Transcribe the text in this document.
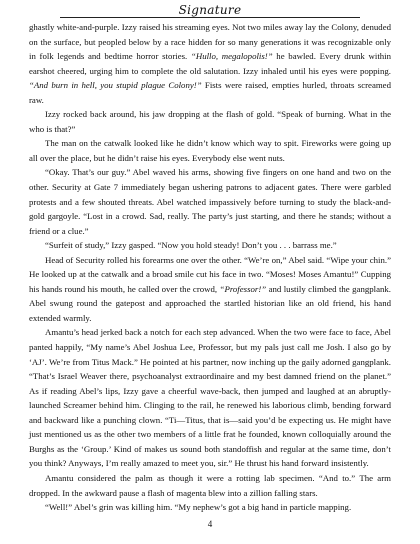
Signature

ghastly white-and-purple. Izzy raised his streaming eyes. Not two miles away lay the Colony, denuded on the surface, but peopled below by a race hidden for so many generations it was recognizable only in folk legends and bedtime horror stories. “Hullo, megalopolis!” he bawled. Every drunk within earshot cheered, urging him to complete the old salutation. Izzy inhaled until his eyes were popping. “And burn in hell, you stupid plague Colony!” Fists were raised, empties hurled, throats screamed raw.

Izzy rocked back around, his jaw dropping at the flash of gold. “Speak of burning. What in the who is that?”

The man on the catwalk looked like he didn’t know which way to spit. Fireworks were going up all over the place, but he didn’t raise his eyes. Everybody else went nuts.

“Okay. That’s our guy.” Abel waved his arms, showing five fingers on one hand and two on the other. Security at Gate 7 immediately began ushering patrons to adjacent gates. There were garbled protests and a few shouted threats. Abel watched impassively before turning to study the black-and-gold gargoyle. “Lost in a crowd. Sad, really. The party’s just starting, and there he stands; without a friend or a clue.”

“Surfeit of study,” Izzy gasped. “Now you hold steady! Don’t you . . . barrass me.”

Head of Security rolled his forearms one over the other. “We’re on,” Abel said. “Wipe your chin.” He looked up at the catwalk and a broad smile cut his face in two. “Moses! Moses Amantu!” Cupping his hands round his mouth, he called over the crowd, “Professor!” and lustily climbed the gangplank. Abel swung round the gatepost and approached the startled historian like an old friend, his hand extended warmly.

Amantu’s head jerked back a notch for each step advanced. When the two were face to face, Abel panted happily, “My name’s Abel Joshua Lee, Professor, but my pals just call me Josh. I also go by ‘AJ’. We’re from Titus Mack.” He pointed at his partner, now inching up the gaily adorned gangplank. “That’s Israel Weaver there, psychoanalyst extraordinaire and my best damned friend on the planet.” As if reading Abel’s lips, Izzy gave a cheerful wave-back, then jumped and laughed at an abruptly-launched Screamer behind him. Clinging to the rail, he renewed his laborious climb, bending forward and backward like a punching clown. “Ti—Titus, that is—said you’d be expecting us. He might have just mentioned us as the other two members of a little frat he founded, known colloquially around the Burghs as the ‘Group.’ Kind of makes us sound both standoffish and regular at the same time, don’t you think? Anyways, I’m really amazed to meet you, sir.” He thrust his hand forward insistently.

Amantu considered the palm as though it were a rotting lab specimen. “And to.” The arm dropped. In the awkward pause a flash of magenta blew into a zillion falling stars.

“Well!” Abel’s grin was killing him. “My nephew’s got a big hand in particle mapping.

4
